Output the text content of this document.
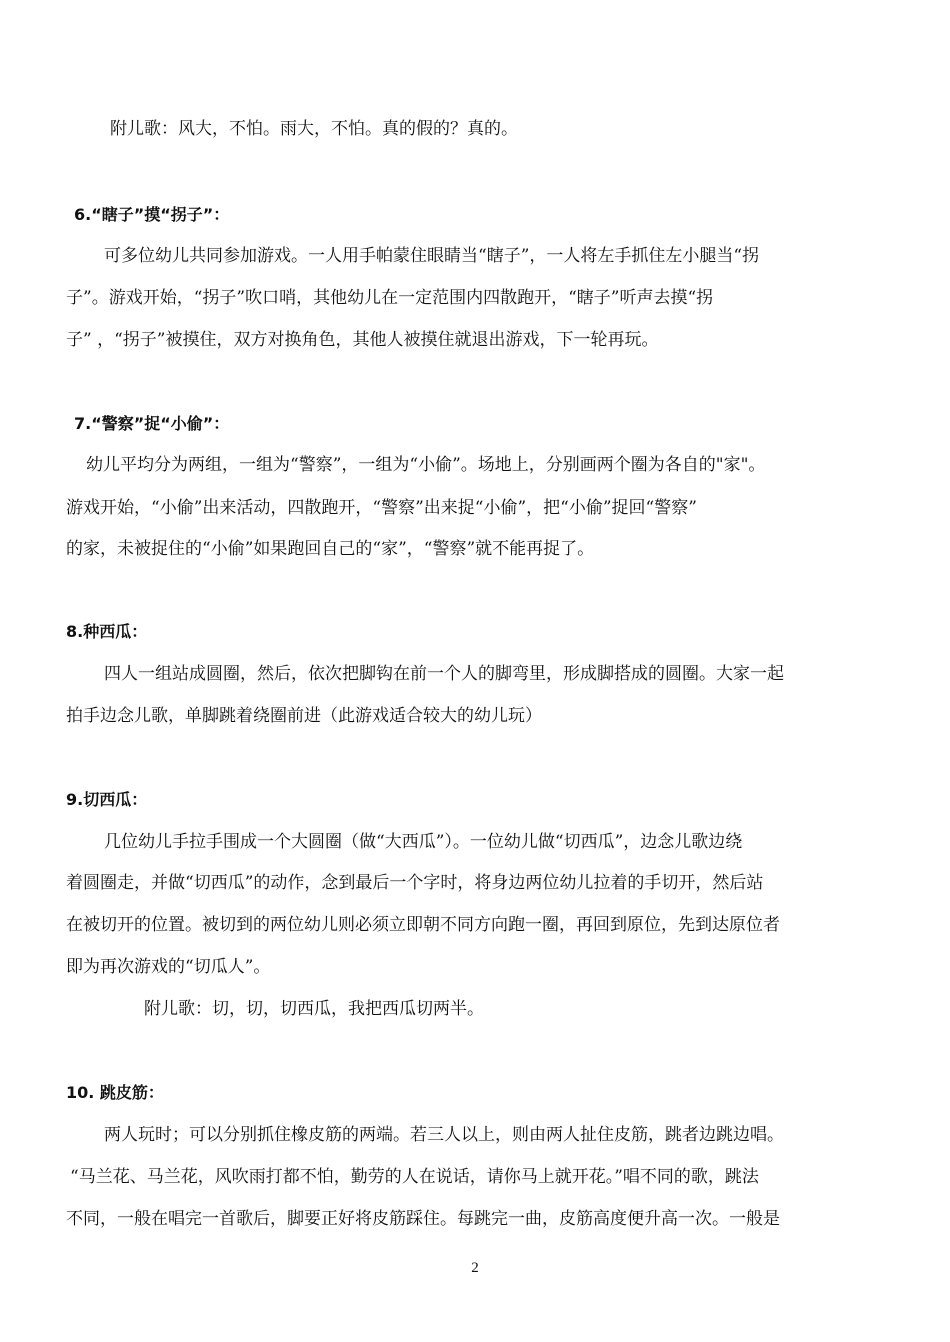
附儿歌：风大，不怕。雨大，不怕。真的假的？真的。
6.“瞎子”摸“拐子”：
可多位幼儿共同参加游戏。一人用手帕蒙住眼睛当“瞎子”，一人将左手抓住左小腿当“拐
子”。游戏开始，“拐子”吹口哨，其他幼儿在一定范围内四散跑开，“瞎子”听声去摸“拐
子” ，“拐子”被摸住，双方对换角色，其他人被摸住就退出游戏，下一轮再玩。
7.“警察”捉“小偷”：
幼儿平均分为两组，一组为“警察”，一组为“小偷”。场地上，分别画两个圈为各自的"家"。
游戏开始，“小偷”出来活动，四散跑开，“警察”出来捉“小偷”，把“小偷”捉回“警察”
的家，未被捉住的“小偷”如果跑回自己的“家”，“警察”就不能再捉了。
8.种西瓜：
四人一组站成圆圈，然后，依次把脚钩在前一个人的脚弯里，形成脚搭成的圆圈。大家一起
拍手边念儿歌，单脚跳着绕圈前进（此游戏适合较大的幼儿玩）
9.切西瓜：
几位幼儿手拉手围成一个大圆圈（做“大西瓜”）。一位幼儿做“切西瓜”，边念儿歌边绕
着圆圈走，并做“切西瓜”的动作，念到最后一个字时，将身边两位幼儿拉着的手切开，然后站
在被切开的位置。被切到的两位幼儿则必须立即朝不同方向跑一圈，再回到原位，先到达原位者
即为再次游戏的“切瓜人”。
附儿歌：切，切，切西瓜，我把西瓜切两半。
10. 跳皮筋：
两人玩时；可以分别抓住橡皮筋的两端。若三人以上，则由两人扯住皮筋，跳者边跳边唱。
“马兰花、马兰花，风吹雨打都不怕，勤劳的人在说话，请你马上就开花。”唱不同的歌，跳法
不同，一般在唱完一首歌后，脚要正好将皮筋踩住。每跳完一曲，皮筋高度便升高一次。一般是
2
